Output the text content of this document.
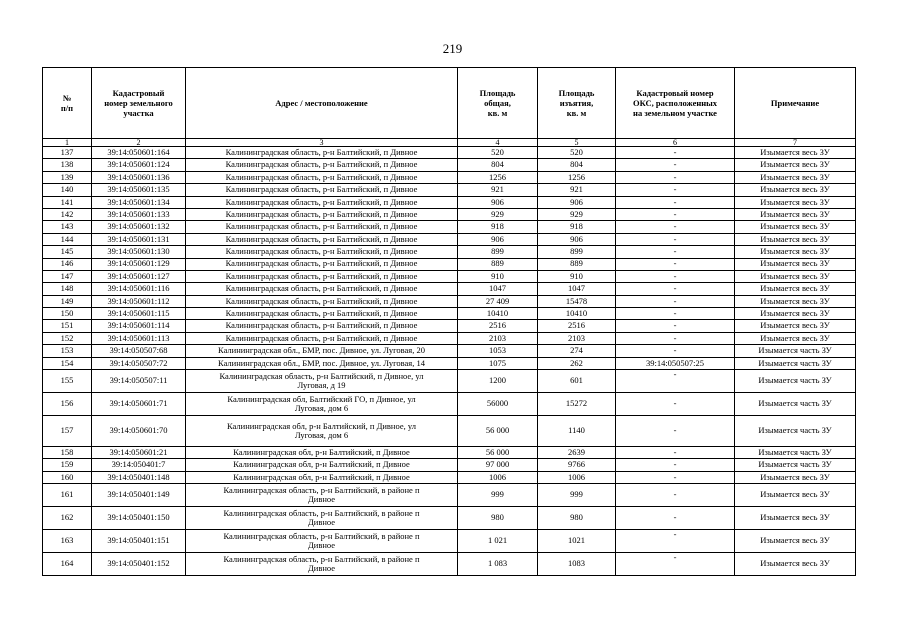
219
№
п/п	Кадастровый
номер земельного
участка	Адрес / местоположение	Площадь
общая,
кв. м	Площадь
изъятия,
кв. м	Кадастровый номер
ОКС, расположенных
на земельном участке	Примечание

1	2	3	4	5	6	7
137	39:14:050601:164	Калининградская область, р-н Балтийский, п Дивное	520	520	-	Изымается весь ЗУ
138	39:14:050601:124	Калининградская область, р-н Балтийский, п Дивное	804	804	-	Изымается весь ЗУ
139	39:14:050601:136	Калининградская область, р-н Балтийский, п Дивное	1256	1256	-	Изымается весь ЗУ
140	39:14:050601:135	Калининградская область, р-н Балтийский, п Дивное	921	921	-	Изымается весь ЗУ
141	39:14:050601:134	Калининградская область, р-н Балтийский, п Дивное	906	906	-	Изымается весь ЗУ
142	39:14:050601:133	Калининградская область, р-н Балтийский, п Дивное	929	929	-	Изымается весь ЗУ
143	39:14:050601:132	Калининградская область, р-н Балтийский, п Дивное	918	918	-	Изымается весь ЗУ
144	39:14:050601:131	Калининградская область, р-н Балтийский, п Дивное	906	906	-	Изымается весь ЗУ
145	39:14:050601:130	Калининградская область, р-н Балтийский, п Дивное	899	899	-	Изымается весь ЗУ
146	39:14:050601:129	Калининградская область, р-н Балтийский, п Дивное	889	889	-	Изымается весь ЗУ
147	39:14:050601:127	Калининградская область, р-н Балтийский, п Дивное	910	910	-	Изымается весь ЗУ
148	39:14:050601:116	Калининградская область, р-н Балтийский, п Дивное	1047	1047	-	Изымается весь ЗУ
149	39:14:050601:112	Калининградская область, р-н Балтийский, п Дивное	27 409	15478	-	Изымается весь ЗУ
150	39:14:050601:115	Калининградская область, р-н Балтийский, п Дивное	10410	10410	-	Изымается весь ЗУ
151	39:14:050601:114	Калининградская область, р-н Балтийский, п Дивное	2516	2516	-	Изымается весь ЗУ
152	39:14:050601:113	Калининградская область, р-н Балтийский, п Дивное	2103	2103	-	Изымается весь ЗУ
153	39:14:050507:68	Калининградская обл., БМР, пос. Дивное, ул. Луговая, 20	1053	274	-	Изымается часть ЗУ
154	39:14:050507:72	Калининградская обл., БМР, пос. Дивное, ул. Луговая, 14	1075	262	39:14:050507:25	Изымается часть ЗУ
155	39:14:050507:11	Калининградская область, р-н Балтийский, п Дивное, ул
Луговая, д 19	1200	601	-	Изымается часть ЗУ
156	39:14:050601:71	Калининградская обл, Балтийский ГО, п Дивное, ул
Луговая, дом 6	56000	15272	-	Изымается часть ЗУ
157	39:14:050601:70	Калининградская обл, р-н Балтийский, п Дивное, ул
Луговая, дом 6	56 000	1140	-	Изымается часть ЗУ
158	39:14:050601:21	Калининградская обл, р-н Балтийский, п Дивное	56 000	2639	-	Изымается часть ЗУ
159	39:14:050401:7	Калининградская обл, р-н Балтийский, п Дивное	97 000	9766	-	Изымается часть ЗУ
160	39:14:050401:148	Калининградская обл, р-н Балтийский, п Дивное	1006	1006	-	Изымается весь ЗУ
161	39:14:050401:149	Калининградская область, р-н Балтийский, в районе п
Дивное	999	999	-	Изымается весь ЗУ
162	39:14:050401:150	Калининградская область, р-н Балтийский, в районе п
Дивное	980	980	-	Изымается весь ЗУ
163	39:14:050401:151	Калининградская область, р-н Балтийский, в районе п
Дивное	1 021	1021	-	Изымается весь ЗУ
164	39:14:050401:152	Калининградская область, р-н Балтийский, в районе п
Дивное	1 083	1083	-	Изымается весь ЗУ
